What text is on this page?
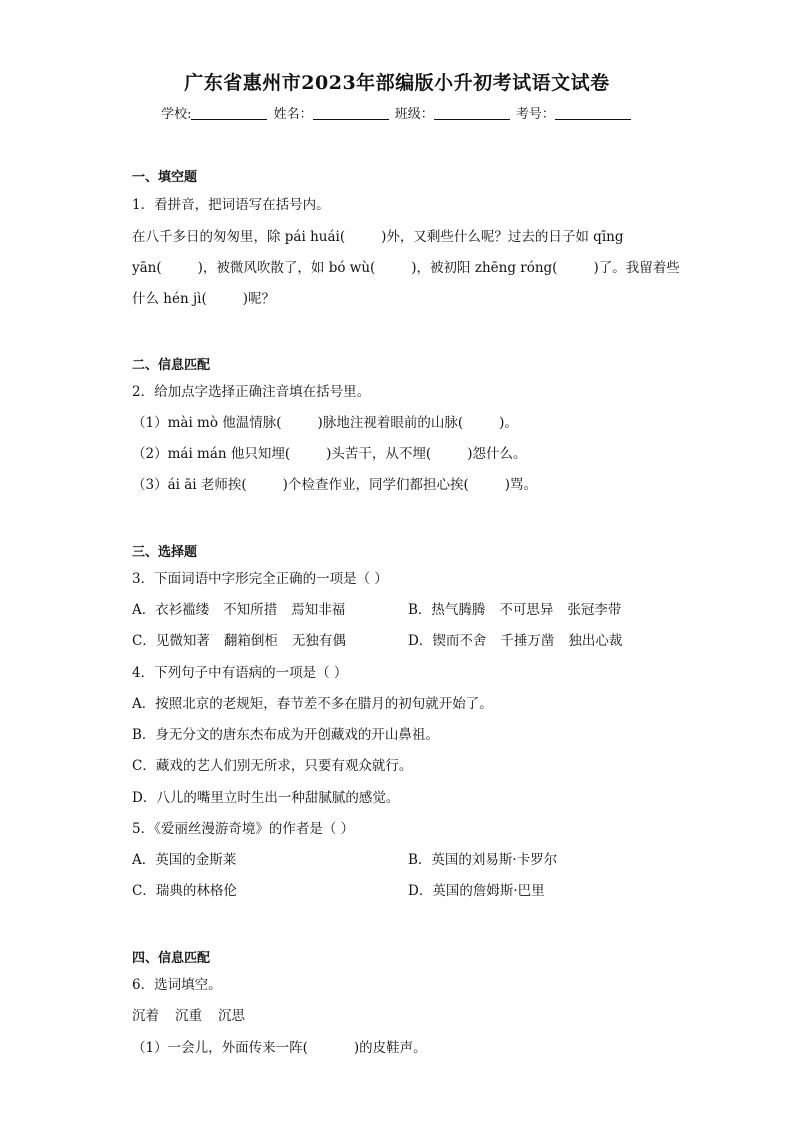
广东省惠州市2023年部编版小升初考试语文试卷
学校:	姓名：	班级：	考号：
一、填空题
1．看拼音，把词语写在括号内。
在八千多日的匆匆里，除 pái huái(	)外，又剩些什么呢？过去的日子如 qīng
yān(	)，被微风吹散了，如 bó wù(	)，被初阳 zhēng róng(	)了。我留着些
什么 hén jì(	)呢？
二、信息匹配
2．给加点字选择正确注音填在括号里。
（1）mài mò 他温情脉(	)脉地注视着眼前的山脉(	)。
（2）mái mán 他只知埋(	)头苦干，从不埋(	)怨什么。
（3）ái āi 老师挨(	)个检查作业，同学们都担心挨(	)骂。
三、选择题
3．下面词语中字形完全正确的一项是（ ）
A．衣衫褴缕 不知所措 焉知非福	B．热气腾腾 不可思异 张冠李带
C．见微知著 翻箱倒柜 无独有偶	D．锲而不舍 千捶万凿 独出心裁
4．下列句子中有语病的一项是（ ）
A．按照北京的老规矩，春节差不多在腊月的初旬就开始了。
B．身无分文的唐东杰布成为开创藏戏的开山鼻祖。
C．藏戏的艺人们别无所求，只要有观众就行。
D．八儿的嘴里立时生出一种甜腻腻的感觉。
5．《爱丽丝漫游奇境》的作者是（ ）
A．英国的金斯莱	B．英国的刘易斯·卡罗尔
C．瑞典的林格伦	D．英国的詹姆斯·巴里
四、信息匹配
6．选词填空。
沉着 沉重 沉思
（1）一会儿，外面传来一阵(	)的皮鞋声。
